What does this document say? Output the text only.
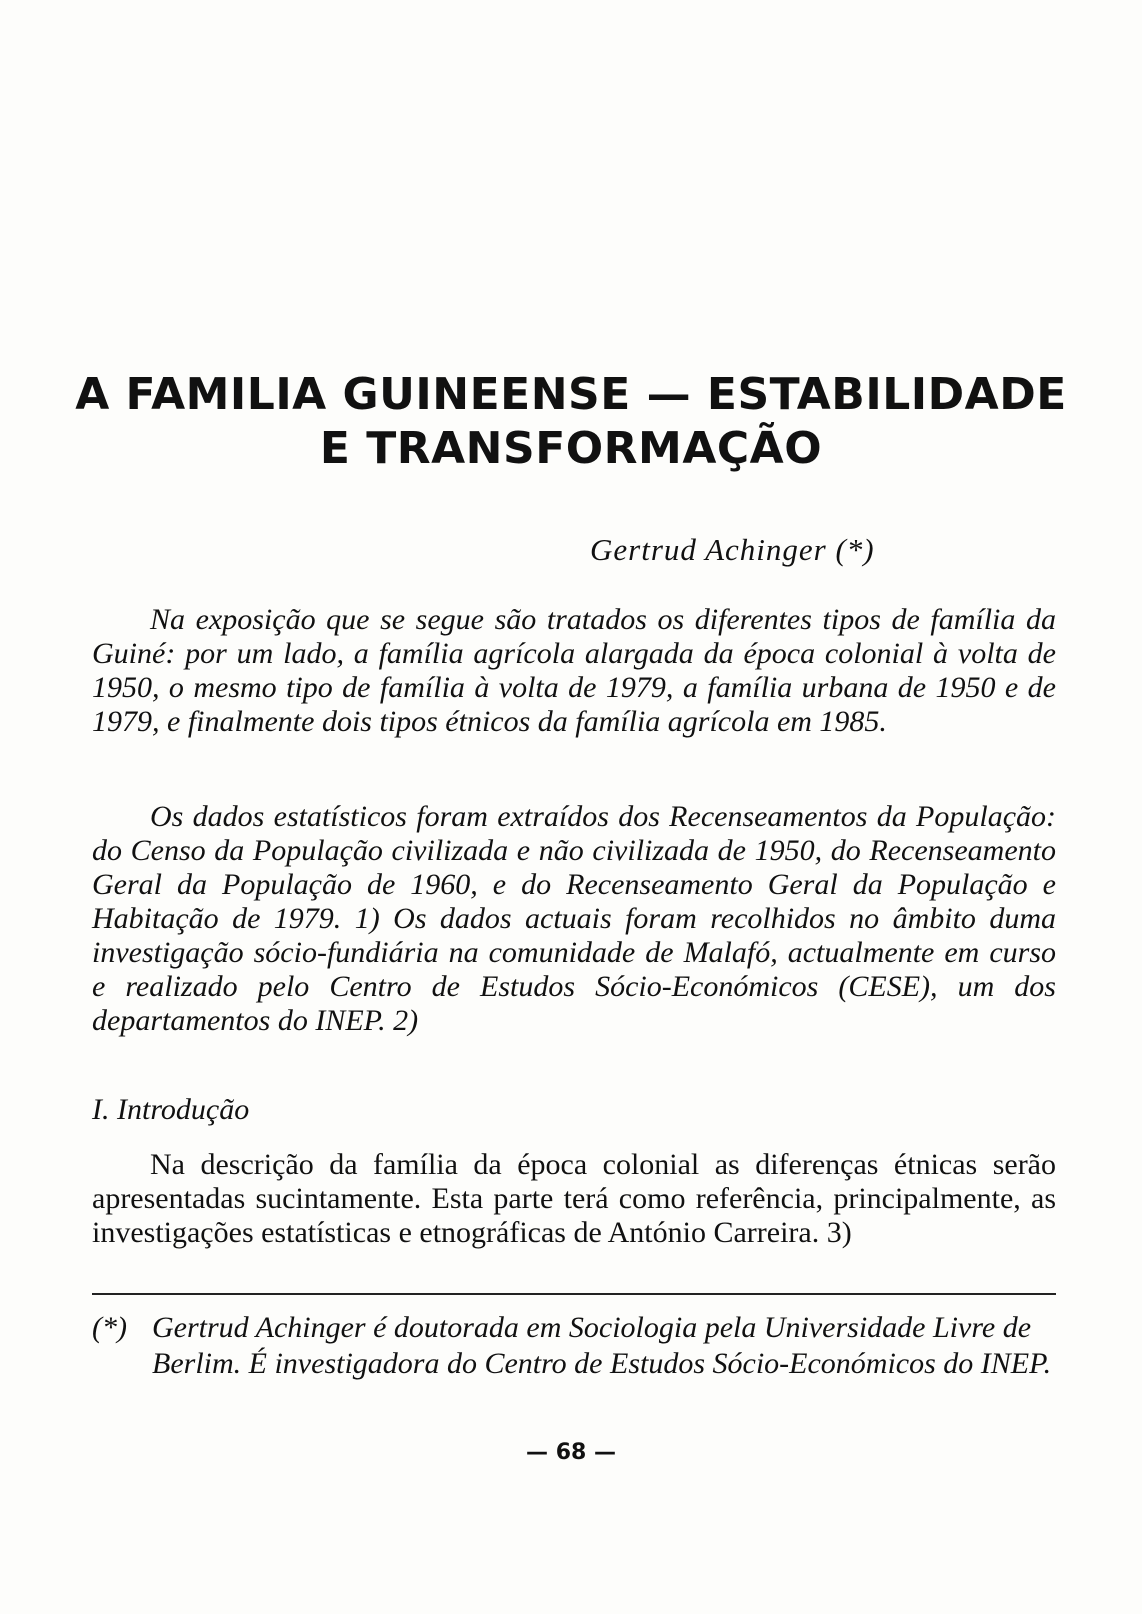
A FAMILIA GUINEENSE — ESTABILIDADE
E TRANSFORMAÇÃO
Gertrud Achinger (*)

Na exposição que se segue são tratados os diferentes tipos de família da Guiné: por um lado, a família agrícola alargada da época colonial à volta de 1950, o mesmo tipo de família à volta de 1979, a família urbana de 1950 e de 1979, e finalmente dois tipos étnicos da família agrícola em 1985.

Os dados estatísticos foram extraídos dos Recenseamentos da População: do Censo da População civilizada e não civilizada de 1950, do Recenseamento Geral da População de 1960, e do Recenseamento Geral da População e Habitação de 1979. 1) Os dados actuais foram recolhidos no âmbito duma investigação sócio-fundiária na comunidade de Malafó, actualmente em curso e realizado pelo Centro de Estudos Sócio-Económicos (CESE), um dos departamentos do INEP. 2)

I. Introdução

Na descrição da família da época colonial as diferenças étnicas serão apresentadas sucintamente. Esta parte terá como referência, principalmente, as investigações estatísticas e etnográficas de António Carreira. 3)

(*) Gertrud Achinger é doutorada em Sociologia pela Universidade Livre de Berlim. É investigadora do Centro de Estudos Sócio-Económicos do INEP.
— 68 —
